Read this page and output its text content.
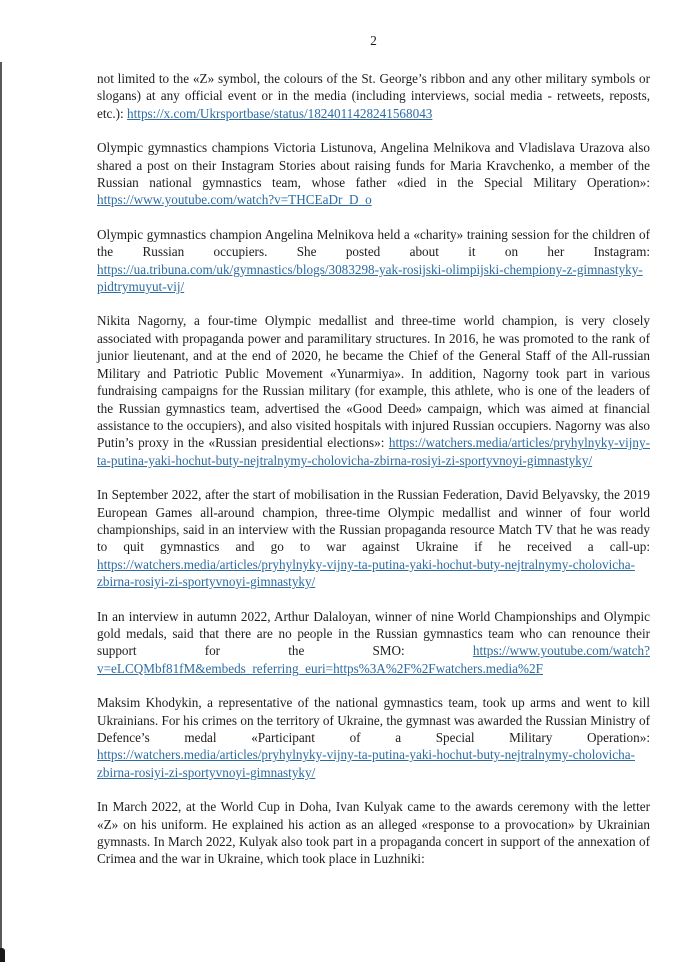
2

not limited to the «Z» symbol, the colours of the St. George’s ribbon and any other military symbols or slogans) at any official event or in the media (including interviews, social media - retweets, reposts, etc.): https://x.com/Ukrsportbase/status/1824011428241568043

Olympic gymnastics champions Victoria Listunova, Angelina Melnikova and Vladislava Urazova also shared a post on their Instagram Stories about raising funds for Maria Kravchenko, a member of the Russian national gymnastics team, whose father «died in the Special Military Operation»: https://www.youtube.com/watch?v=THCEaDr_D_o

Olympic gymnastics champion Angelina Melnikova held a «charity» training session for the children of the Russian occupiers. She posted about it on her Instagram: https://ua.tribuna.com/uk/gymnastics/blogs/3083298-yak-rosijski-olimpijski-chempiony-z-gimnastyky-pidtrymuyut-vij/

Nikita Nagorny, a four-time Olympic medallist and three-time world champion, is very closely associated with propaganda power and paramilitary structures. In 2016, he was promoted to the rank of junior lieutenant, and at the end of 2020, he became the Chief of the General Staff of the All-russian Military and Patriotic Public Movement «Yunarmiya». In addition, Nagorny took part in various fundraising campaigns for the Russian military (for example, this athlete, who is one of the leaders of the Russian gymnastics team, advertised the «Good Deed» campaign, which was aimed at financial assistance to the occupiers), and also visited hospitals with injured Russian occupiers. Nagorny was also Putin’s proxy in the «Russian presidential elections»: https://watchers.media/articles/pryhylnyky-vijny-ta-putina-yaki-hochut-buty-nejtralnymy-cholovicha-zbirna-rosiyi-zi-sportyvnoyi-gimnastyky/

In September 2022, after the start of mobilisation in the Russian Federation, David Belyavsky, the 2019 European Games all-around champion, three-time Olympic medallist and winner of four world championships, said in an interview with the Russian propaganda resource Match TV that he was ready to quit gymnastics and go to war against Ukraine if he received a call-up: https://watchers.media/articles/pryhylnyky-vijny-ta-putina-yaki-hochut-buty-nejtralnymy-cholovicha-zbirna-rosiyi-zi-sportyvnoyi-gimnastyky/

In an interview in autumn 2022, Arthur Dalaloyan, winner of nine World Championships and Olympic gold medals, said that there are no people in the Russian gymnastics team who can renounce their support for the SMO: https://www.youtube.com/watch?v=eLCQMbf81fM&embeds_referring_euri=https%3A%2F%2Fwatchers.media%2F

Maksim Khodykin, a representative of the national gymnastics team, took up arms and went to kill Ukrainians. For his crimes on the territory of Ukraine, the gymnast was awarded the Russian Ministry of Defence’s medal «Participant of a Special Military Operation»: https://watchers.media/articles/pryhylnyky-vijny-ta-putina-yaki-hochut-buty-nejtralnymy-cholovicha-zbirna-rosiyi-zi-sportyvnoyi-gimnastyky/

In March 2022, at the World Cup in Doha, Ivan Kulyak came to the awards ceremony with the letter «Z» on his uniform. He explained his action as an alleged «response to a provocation» by Ukrainian gymnasts. In March 2022, Kulyak also took part in a propaganda concert in support of the annexation of Crimea and the war in Ukraine, which took place in Luzhniki:
